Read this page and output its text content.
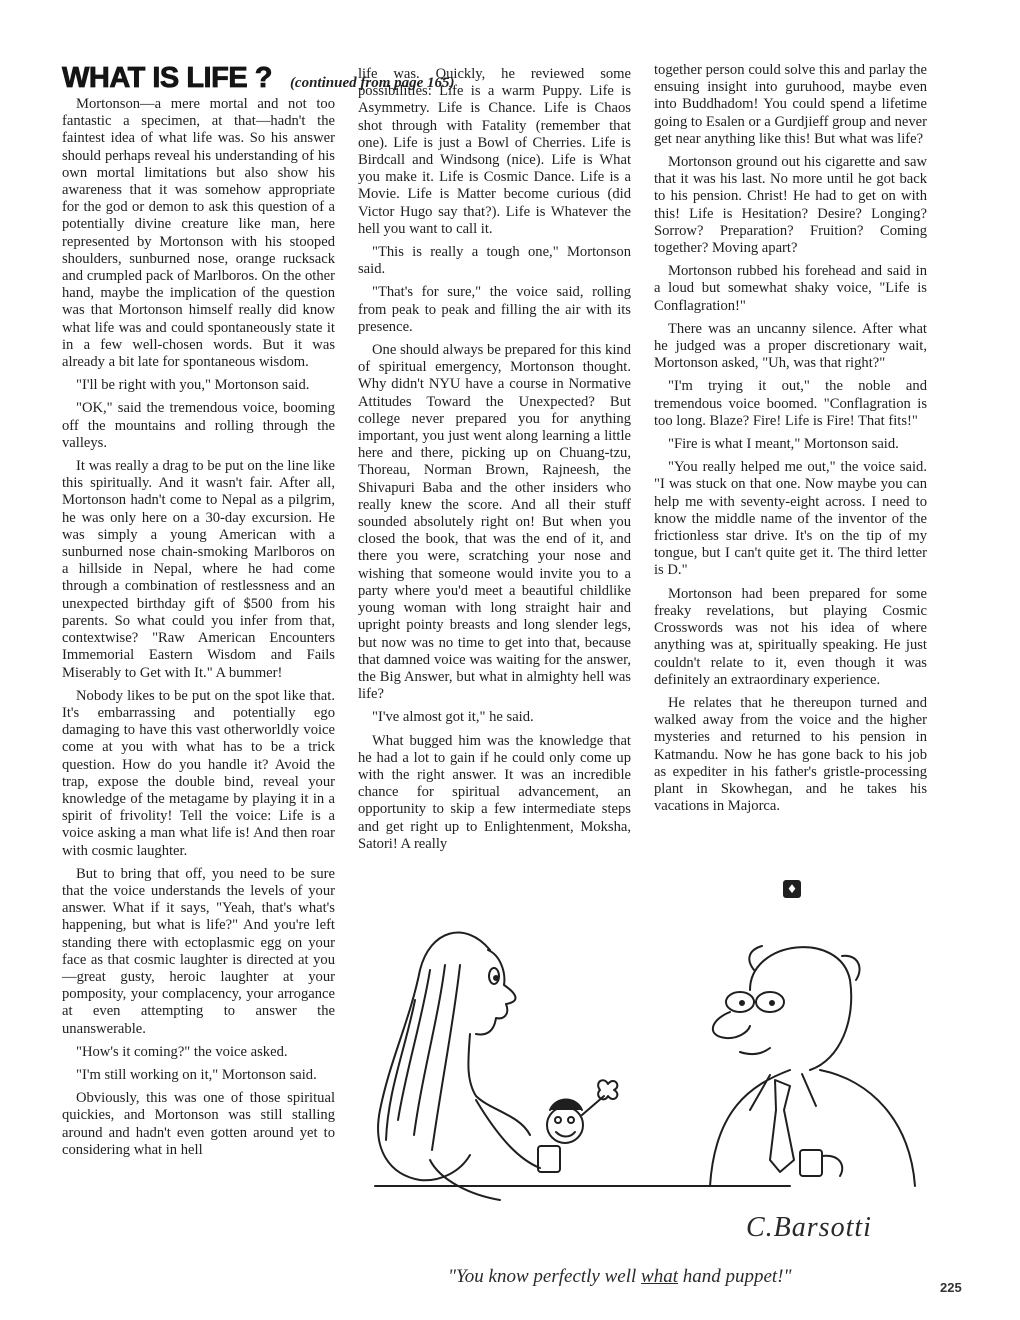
WHAT IS LIFE ? (continued from page 165)

Mortonson—a mere mortal and not too fantastic a specimen, at that—hadn't the faintest idea of what life was. So his answer should perhaps reveal his understanding of his own mortal limitations but also show his awareness that it was somehow appropriate for the god or demon to ask this question of a potentially divine creature like man, here represented by Mortonson with his stooped shoulders, sunburned nose, orange rucksack and crumpled pack of Marlboros. On the other hand, maybe the implication of the question was that Mortonson himself really did know what life was and could spontaneously state it in a few well-chosen words. But it was already a bit late for spontaneous wisdom.

"I'll be right with you," Mortonson said.

"OK," said the tremendous voice, booming off the mountains and rolling through the valleys.

It was really a drag to be put on the line like this spiritually. And it wasn't fair. After all, Mortonson hadn't come to Nepal as a pilgrim, he was only here on a 30-day excursion. He was simply a young American with a sunburned nose chain-smoking Marlboros on a hillside in Nepal, where he had come through a combination of restlessness and an unexpected birthday gift of $500 from his parents. So what could you infer from that, contextwise? "Raw American Encounters Immemorial Eastern Wisdom and Fails Miserably to Get with It." A bummer!

Nobody likes to be put on the spot like that. It's embarrassing and potentially ego damaging to have this vast otherworldly voice come at you with what has to be a trick question. How do you handle it? Avoid the trap, expose the double bind, reveal your knowledge of the metagame by playing it in a spirit of frivolity! Tell the voice: Life is a voice asking a man what life is! And then roar with cosmic laughter.

But to bring that off, you need to be sure that the voice understands the levels of your answer. What if it says, "Yeah, that's what's happening, but what is life?" And you're left standing there with ectoplasmic egg on your face as that cosmic laughter is directed at you—great gusty, heroic laughter at your pomposity, your complacency, your arrogance at even attempting to answer the unanswerable.

"How's it coming?" the voice asked.

"I'm still working on it," Mortonson said.

Obviously, this was one of those spiritual quickies, and Mortonson was still stalling around and hadn't even gotten around yet to considering what in hell

life was. Quickly, he reviewed some possibilities: Life is a warm Puppy. Life is Asymmetry. Life is Chance. Life is Chaos shot through with Fatality (remember that one). Life is just a Bowl of Cherries. Life is Birdcall and Windsong (nice). Life is What you make it. Life is Cosmic Dance. Life is a Movie. Life is Matter become curious (did Victor Hugo say that?). Life is Whatever the hell you want to call it.

"This is really a tough one," Mortonson said.

"That's for sure," the voice said, rolling from peak to peak and filling the air with its presence.

One should always be prepared for this kind of spiritual emergency, Mortonson thought. Why didn't NYU have a course in Normative Attitudes Toward the Unexpected? But college never prepared you for anything important, you just went along learning a little here and there, picking up on Chuang-tzu, Thoreau, Norman Brown, Rajneesh, the Shivapuri Baba and the other insiders who really knew the score. And all their stuff sounded absolutely right on! But when you closed the book, that was the end of it, and there you were, scratching your nose and wishing that someone would invite you to a party where you'd meet a beautiful childlike young woman with long straight hair and upright pointy breasts and long slender legs, but now was no time to get into that, because that damned voice was waiting for the answer, the Big Answer, but what in almighty hell was life?

"I've almost got it," he said.

What bugged him was the knowledge that he had a lot to gain if he could only come up with the right answer. It was an incredible chance for spiritual advancement, an opportunity to skip a few intermediate steps and get right up to Enlightenment, Moksha, Satori! A really

together person could solve this and parlay the ensuing insight into guruhood, maybe even into Buddhadom! You could spend a lifetime going to Esalen or a Gurdjieff group and never get near anything like this! But what was life?

Mortonson ground out his cigarette and saw that it was his last. No more until he got back to his pension. Christ! He had to get on with this! Life is Hesitation? Desire? Longing? Sorrow? Preparation? Fruition? Coming together? Moving apart?

Mortonson rubbed his forehead and said in a loud but somewhat shaky voice, "Life is Conflagration!"

There was an uncanny silence. After what he judged was a proper discretionary wait, Mortonson asked, "Uh, was that right?"

"I'm trying it out," the noble and tremendous voice boomed. "Conflagration is too long. Blaze? Fire! Life is Fire! That fits!"

"Fire is what I meant," Mortonson said.

"You really helped me out," the voice said. "I was stuck on that one. Now maybe you can help me with seventy-eight across. I need to know the middle name of the inventor of the frictionless star drive. It's on the tip of my tongue, but I can't quite get it. The third letter is D."

Mortonson had been prepared for some freaky revelations, but playing Cosmic Crosswords was not his idea of where anything was at, spiritually speaking. He just couldn't relate to it, even though it was definitely an extraordinary experience.

He relates that he thereupon turned and walked away from the voice and the higher mysteries and returned to his pension in Katmandu. Now he has gone back to his job as expediter in his father's gristle-processing plant in Skowhegan, and he takes his vacations in Majorca.

♦
C.Barsotti
"You know perfectly well what hand puppet!"
225
